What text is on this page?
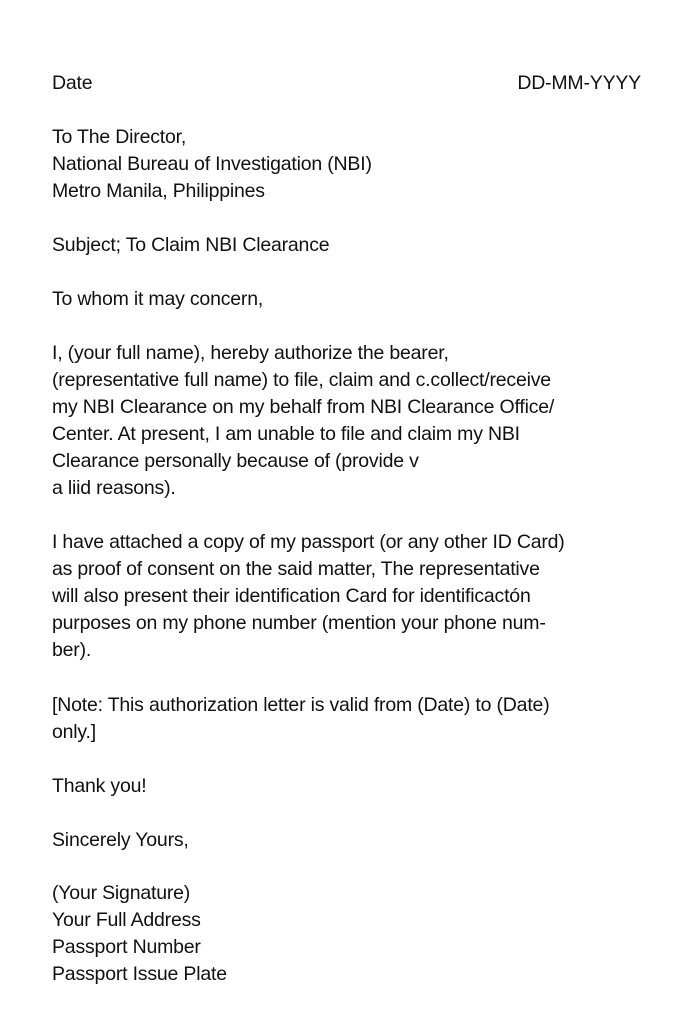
Date	DD-MM-YYYY
To The Director,
National Bureau of Investigation (NBI)
Metro Manila, Philippines
Subject; To Claim NBI Clearance
To whom it may concern,
I, (your full name), hereby authorize the bearer,
(representative full name) to file, claim and c.collect/receive
my NBI Clearance on my behalf from NBI Clearance Office/
Center. At present, I am unable to file and claim my NBI
Clearance personally because of (provide v
a liid reasons).
I have attached a copy of my passport (or any other ID Card)
as proof of consent on the said matter, The representative
will also present their identification Card for identificactón
purposes on my phone number (mention your phone num-
ber).
[Note: This authorization letter is valid from (Date) to (Date)
only.]
Thank you!
Sincerely Yours,
(Your Signature)
Your Full Address
Passport Number
Passport Issue Plate
